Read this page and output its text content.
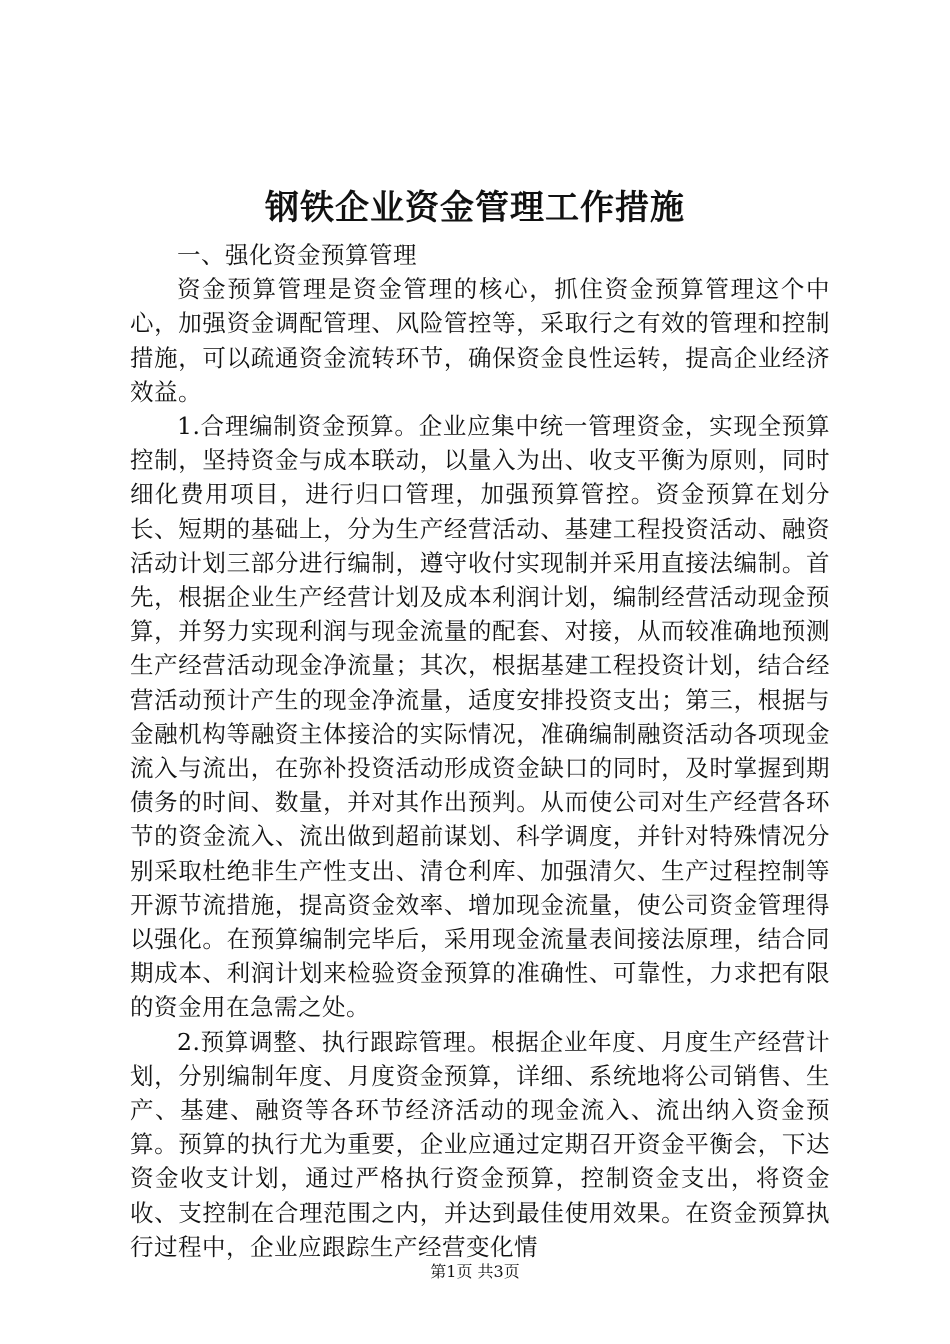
钢铁企业资金管理工作措施

一、强化资金预算管理

资金预算管理是资金管理的核心，抓住资金预算管理这个中心，加强资金调配管理、风险管控等，采取行之有效的管理和控制措施，可以疏通资金流转环节，确保资金良性运转，提高企业经济效益。

1.合理编制资金预算。企业应集中统一管理资金，实现全预算控制，坚持资金与成本联动，以量入为出、收支平衡为原则，同时细化费用项目，进行归口管理，加强预算管控。资金预算在划分长、短期的基础上，分为生产经营活动、基建工程投资活动、融资活动计划三部分进行编制，遵守收付实现制并采用直接法编制。首先，根据企业生产经营计划及成本利润计划，编制经营活动现金预算，并努力实现利润与现金流量的配套、对接，从而较准确地预测生产经营活动现金净流量；其次，根据基建工程投资计划，结合经营活动预计产生的现金净流量，适度安排投资支出；第三，根据与金融机构等融资主体接洽的实际情况，准确编制融资活动各项现金流入与流出，在弥补投资活动形成资金缺口的同时，及时掌握到期债务的时间、数量，并对其作出预判。从而使公司对生产经营各环节的资金流入、流出做到超前谋划、科学调度，并针对特殊情况分别采取杜绝非生产性支出、清仓利库、加强清欠、生产过程控制等开源节流措施，提高资金效率、增加现金流量，使公司资金管理得以强化。在预算编制完毕后，采用现金流量表间接法原理，结合同期成本、利润计划来检验资金预算的准确性、可靠性，力求把有限的资金用在急需之处。

2.预算调整、执行跟踪管理。根据企业年度、月度生产经营计划，分别编制年度、月度资金预算，详细、系统地将公司销售、生产、基建、融资等各环节经济活动的现金流入、流出纳入资金预算。预算的执行尤为重要，企业应通过定期召开资金平衡会，下达资金收支计划，通过严格执行资金预算，控制资金支出，将资金收、支控制在合理范围之内，并达到最佳使用效果。在资金预算执行过程中，企业应跟踪生产经营变化情

第1页 共3页
